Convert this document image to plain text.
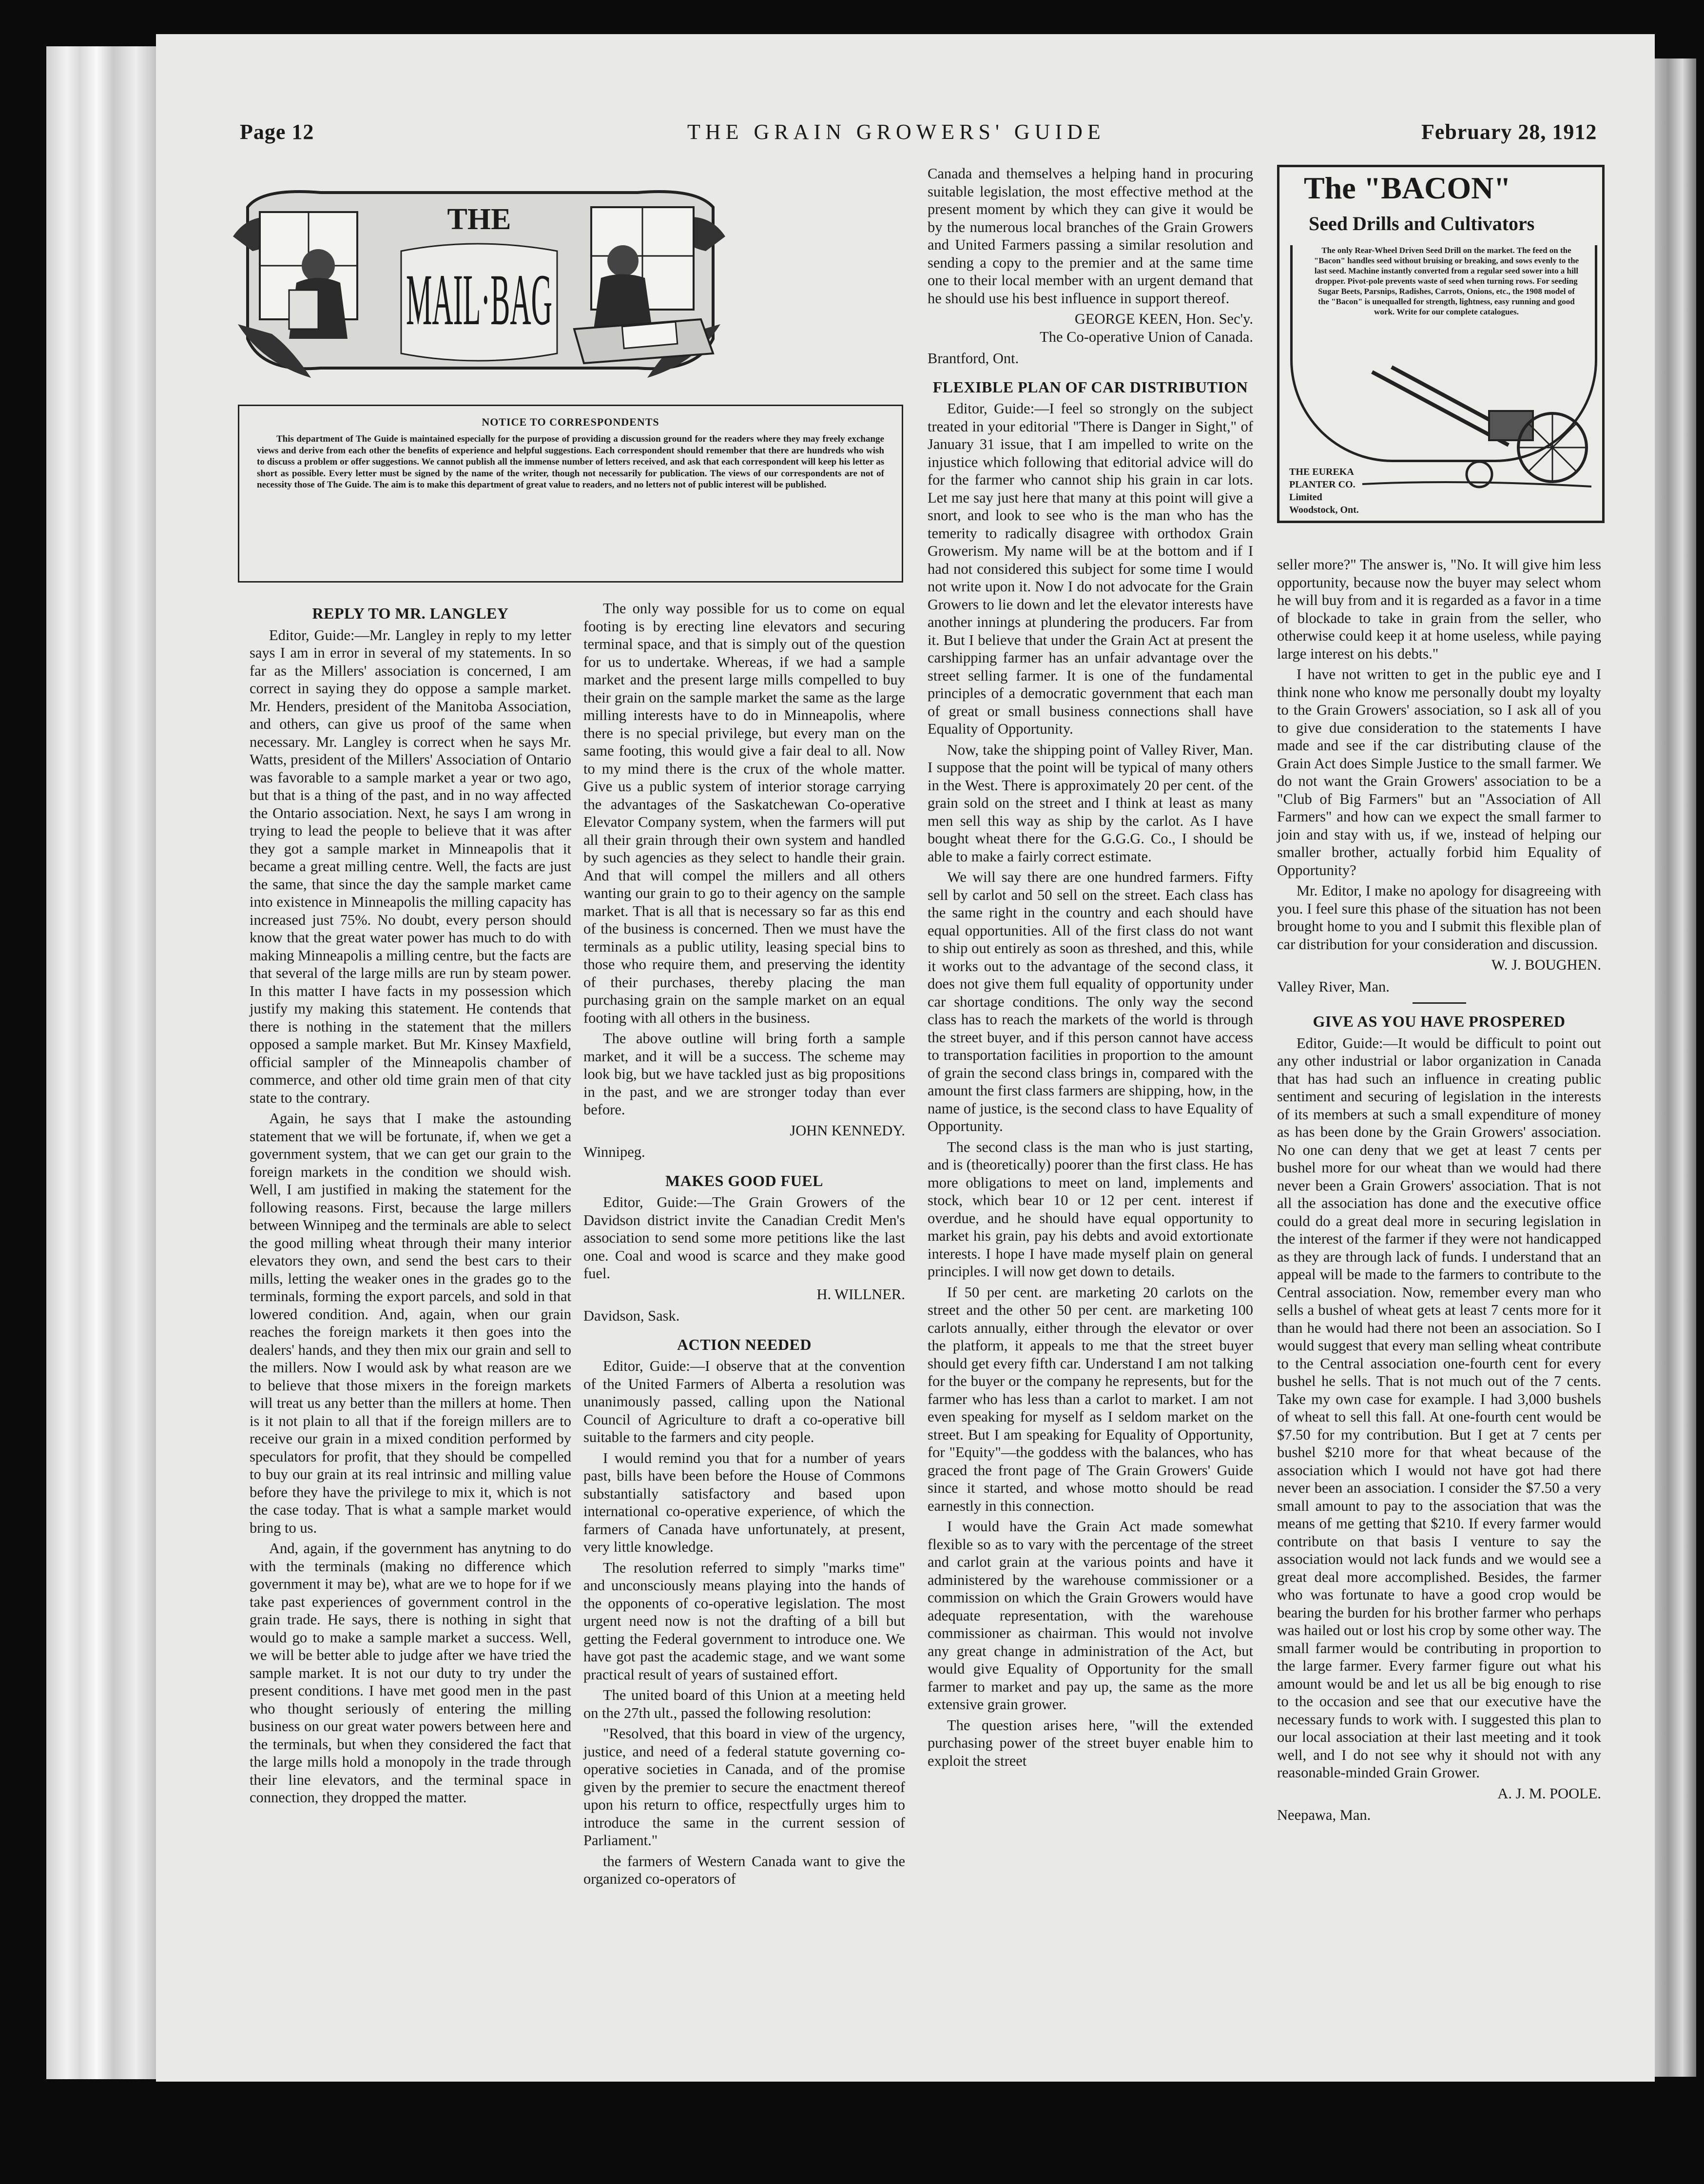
Page 12	THE GRAIN GROWERS' GUIDE	February 28, 1912
THE
MAIL·BAG
NOTICE TO CORRESPONDENTS
This department of The Guide is maintained especially for the purpose of providing a discussion ground for the readers where they may freely exchange views and derive from each other the benefits of experience and helpful suggestions. Each correspondent should remember that there are hundreds who wish to discuss a problem or offer suggestions. We cannot publish all the immense number of letters received, and ask that each correspondent will keep his letter as short as possible. Every letter must be signed by the name of the writer, though not necessarily for publication. The views of our correspondents are not of necessity those of The Guide. The aim is to make this department of great value to readers, and no letters not of public interest will be published.
The "BACON"
Seed Drills and Cultivators
The only Rear-Wheel Driven Seed Drill on the market. The feed on the "Bacon" handles seed without bruising or breaking, and sows evenly to the last seed. Machine instantly converted from a regular seed sower into a hill dropper. Pivot-pole prevents waste of seed when turning rows. For seeding Sugar Beets, Parsnips, Radishes, Carrots, Onions, etc., the 1908 model of the "Bacon" is unequalled for strength, lightness, easy running and good work. Write for our complete catalogues.
THE EUREKA
PLANTER CO.
Limited
Woodstock, Ont.

REPLY TO MR. LANGLEY

Editor, Guide:—Mr. Langley in reply to my letter says I am in error in several of my statements. In so far as the Millers' association is concerned, I am correct in saying they do oppose a sample market. Mr. Henders, president of the Manitoba Association, and others, can give us proof of the same when necessary. Mr. Langley is correct when he says Mr. Watts, president of the Millers' Association of Ontario was favorable to a sample market a year or two ago, but that is a thing of the past, and in no way affected the Ontario association. Next, he says I am wrong in trying to lead the people to believe that it was after they got a sample market in Minneapolis that it became a great milling centre. Well, the facts are just the same, that since the day the sample market came into existence in Minneapolis the milling capacity has increased just 75%. No doubt, every person should know that the great water power has much to do with making Minneapolis a milling centre, but the facts are that several of the large mills are run by steam power. In this matter I have facts in my possession which justify my making this statement. He contends that there is nothing in the statement that the millers opposed a sample market. But Mr. Kinsey Maxfield, official sampler of the Minneapolis chamber of commerce, and other old time grain men of that city state to the contrary.

Again, he says that I make the astounding statement that we will be fortunate, if, when we get a government system, that we can get our grain to the foreign markets in the condition we should wish. Well, I am justified in making the statement for the following reasons. First, because the large millers between Winnipeg and the terminals are able to select the good milling wheat through their many interior elevators they own, and send the best cars to their mills, letting the weaker ones in the grades go to the terminals, forming the export parcels, and sold in that lowered condition. And, again, when our grain reaches the foreign markets it then goes into the dealers' hands, and they then mix our grain and sell to the millers. Now I would ask by what reason are we to believe that those mixers in the foreign markets will treat us any better than the millers at home. Then is it not plain to all that if the foreign millers are to receive our grain in a mixed condition performed by speculators for profit, that they should be compelled to buy our grain at its real intrinsic and milling value before they have the privilege to mix it, which is not the case today. That is what a sample market would bring to us.

And, again, if the government has anytning to do with the terminals (making no difference which government it may be), what are we to hope for if we take past experiences of government control in the grain trade. He says, there is nothing in sight that would go to make a sample market a success. Well, we will be better able to judge after we have tried the sample market. It is not our duty to try under the present conditions. I have met good men in the past who thought seriously of entering the milling business on our great water powers between here and the terminals, but when they considered the fact that the large mills hold a monopoly in the trade through their line elevators, and the terminal space in connection, they dropped the matter.

The only way possible for us to come on equal footing is by erecting line elevators and securing terminal space, and that is simply out of the question for us to undertake. Whereas, if we had a sample market and the present large mills compelled to buy their grain on the sample market the same as the large milling interests have to do in Minneapolis, where there is no special privilege, but every man on the same footing, this would give a fair deal to all. Now to my mind there is the crux of the whole matter. Give us a public system of interior storage carrying the advantages of the Saskatchewan Co-operative Elevator Company system, when the farmers will put all their grain through their own system and handled by such agencies as they select to handle their grain. And that will compel the millers and all others wanting our grain to go to their agency on the sample market. That is all that is necessary so far as this end of the business is concerned. Then we must have the terminals as a public utility, leasing special bins to those who require them, and preserving the identity of their purchases, thereby placing the man purchasing grain on the sample market on an equal footing with all others in the business.

The above outline will bring forth a sample market, and it will be a success. The scheme may look big, but we have tackled just as big propositions in the past, and we are stronger today than ever before.

JOHN KENNEDY.

Winnipeg.

MAKES GOOD FUEL

Editor, Guide:—The Grain Growers of the Davidson district invite the Canadian Credit Men's association to send some more petitions like the last one. Coal and wood is scarce and they make good fuel.

H. WILLNER.

Davidson, Sask.

ACTION NEEDED

Editor, Guide:—I observe that at the convention of the United Farmers of Alberta a resolution was unanimously passed, calling upon the National Council of Agriculture to draft a co-operative bill suitable to the farmers and city people.

I would remind you that for a number of years past, bills have been before the House of Commons substantially satisfactory and based upon international co-operative experience, of which the farmers of Canada have unfortunately, at present, very little knowledge.

The resolution referred to simply "marks time" and unconsciously means playing into the hands of the opponents of co-operative legislation. The most urgent need now is not the drafting of a bill but getting the Federal government to introduce one. We have got past the academic stage, and we want some practical result of years of sustained effort.

The united board of this Union at a meeting held on the 27th ult., passed the following resolution:

"Resolved, that this board in view of the urgency, justice, and need of a federal statute governing co-operative societies in Canada, and of the promise given by the premier to secure the enactment thereof upon his return to office, respectfully urges him to introduce the same in the current session of Parliament."

the farmers of Western Canada want to give the organized co-operators of

Canada and themselves a helping hand in procuring suitable legislation, the most effective method at the present moment by which they can give it would be by the numerous local branches of the Grain Growers and United Farmers passing a similar resolution and sending a copy to the premier and at the same time one to their local member with an urgent demand that he should use his best influence in support thereof.

GEORGE KEEN, Hon. Sec'y.

The Co-operative Union of Canada.

Brantford, Ont.

FLEXIBLE PLAN OF CAR DISTRIBUTION

Editor, Guide:—I feel so strongly on the subject treated in your editorial "There is Danger in Sight," of January 31 issue, that I am impelled to write on the injustice which following that editorial advice will do for the farmer who cannot ship his grain in car lots. Let me say just here that many at this point will give a snort, and look to see who is the man who has the temerity to radically disagree with orthodox Grain Growerism. My name will be at the bottom and if I had not considered this subject for some time I would not write upon it. Now I do not advocate for the Grain Growers to lie down and let the elevator interests have another innings at plundering the producers. Far from it. But I believe that under the Grain Act at present the carshipping farmer has an unfair advantage over the street selling farmer. It is one of the fundamental principles of a democratic government that each man of great or small business connections shall have Equality of Opportunity.

Now, take the shipping point of Valley River, Man. I suppose that the point will be typical of many others in the West. There is approximately 20 per cent. of the grain sold on the street and I think at least as many men sell this way as ship by the carlot. As I have bought wheat there for the G.G.G. Co., I should be able to make a fairly correct estimate.

We will say there are one hundred farmers. Fifty sell by carlot and 50 sell on the street. Each class has the same right in the country and each should have equal opportunities. All of the first class do not want to ship out entirely as soon as threshed, and this, while it works out to the advantage of the second class, it does not give them full equality of opportunity under car shortage conditions. The only way the second class has to reach the markets of the world is through the street buyer, and if this person cannot have access to transportation facilities in proportion to the amount of grain the second class brings in, compared with the amount the first class farmers are shipping, how, in the name of justice, is the second class to have Equality of Opportunity.

The second class is the man who is just starting, and is (theoretically) poorer than the first class. He has more obligations to meet on land, implements and stock, which bear 10 or 12 per cent. interest if overdue, and he should have equal opportunity to market his grain, pay his debts and avoid extortionate interests. I hope I have made myself plain on general principles. I will now get down to details.

If 50 per cent. are marketing 20 carlots on the street and the other 50 per cent. are marketing 100 carlots annually, either through the elevator or over the platform, it appeals to me that the street buyer should get every fifth car. Understand I am not talking for the buyer or the company he represents, but for the farmer who has less than a carlot to market. I am not even speaking for myself as I seldom market on the street. But I am speaking for Equality of Opportunity, for "Equity"—the goddess with the balances, who has graced the front page of The Grain Growers' Guide since it started, and whose motto should be read earnestly in this connection.

I would have the Grain Act made somewhat flexible so as to vary with the percentage of the street and carlot grain at the various points and have it administered by the warehouse commissioner or a commission on which the Grain Growers would have adequate representation, with the warehouse commissioner as chairman. This would not involve any great change in administration of the Act, but would give Equality of Opportunity for the small farmer to market and pay up, the same as the more extensive grain grower.

The question arises here, "will the extended purchasing power of the street buyer enable him to exploit the street

seller more?" The answer is, "No. It will give him less opportunity, because now the buyer may select whom he will buy from and it is regarded as a favor in a time of blockade to take in grain from the seller, who otherwise could keep it at home useless, while paying large interest on his debts."

I have not written to get in the public eye and I think none who know me personally doubt my loyalty to the Grain Growers' association, so I ask all of you to give due consideration to the statements I have made and see if the car distributing clause of the Grain Act does Simple Justice to the small farmer. We do not want the Grain Growers' association to be a "Club of Big Farmers" but an "Association of All Farmers" and how can we expect the small farmer to join and stay with us, if we, instead of helping our smaller brother, actually forbid him Equality of Opportunity?

Mr. Editor, I make no apology for disagreeing with you. I feel sure this phase of the situation has not been brought home to you and I submit this flexible plan of car distribution for your consideration and discussion.

W. J. BOUGHEN.

Valley River, Man.

GIVE AS YOU HAVE PROSPERED

Editor, Guide:—It would be difficult to point out any other industrial or labor organization in Canada that has had such an influence in creating public sentiment and securing of legislation in the interests of its members at such a small expenditure of money as has been done by the Grain Growers' association. No one can deny that we get at least 7 cents per bushel more for our wheat than we would had there never been a Grain Growers' association. That is not all the association has done and the executive office could do a great deal more in securing legislation in the interest of the farmer if they were not handicapped as they are through lack of funds. I understand that an appeal will be made to the farmers to contribute to the Central association. Now, remember every man who sells a bushel of wheat gets at least 7 cents more for it than he would had there not been an association. So I would suggest that every man selling wheat contribute to the Central association one-fourth cent for every bushel he sells. That is not much out of the 7 cents. Take my own case for example. I had 3,000 bushels of wheat to sell this fall. At one-fourth cent would be $7.50 for my contribution. But I get at 7 cents per bushel $210 more for that wheat because of the association which I would not have got had there never been an association. I consider the $7.50 a very small amount to pay to the association that was the means of me getting that $210. If every farmer would contribute on that basis I venture to say the association would not lack funds and we would see a great deal more accomplished. Besides, the farmer who was fortunate to have a good crop would be bearing the burden for his brother farmer who perhaps was hailed out or lost his crop by some other way. The small farmer would be contributing in proportion to the large farmer. Every farmer figure out what his amount would be and let us all be big enough to rise to the occasion and see that our executive have the necessary funds to work with. I suggested this plan to our local association at their last meeting and it took well, and I do not see why it should not with any reasonable-minded Grain Grower.

A. J. M. POOLE.

Neepawa, Man.
